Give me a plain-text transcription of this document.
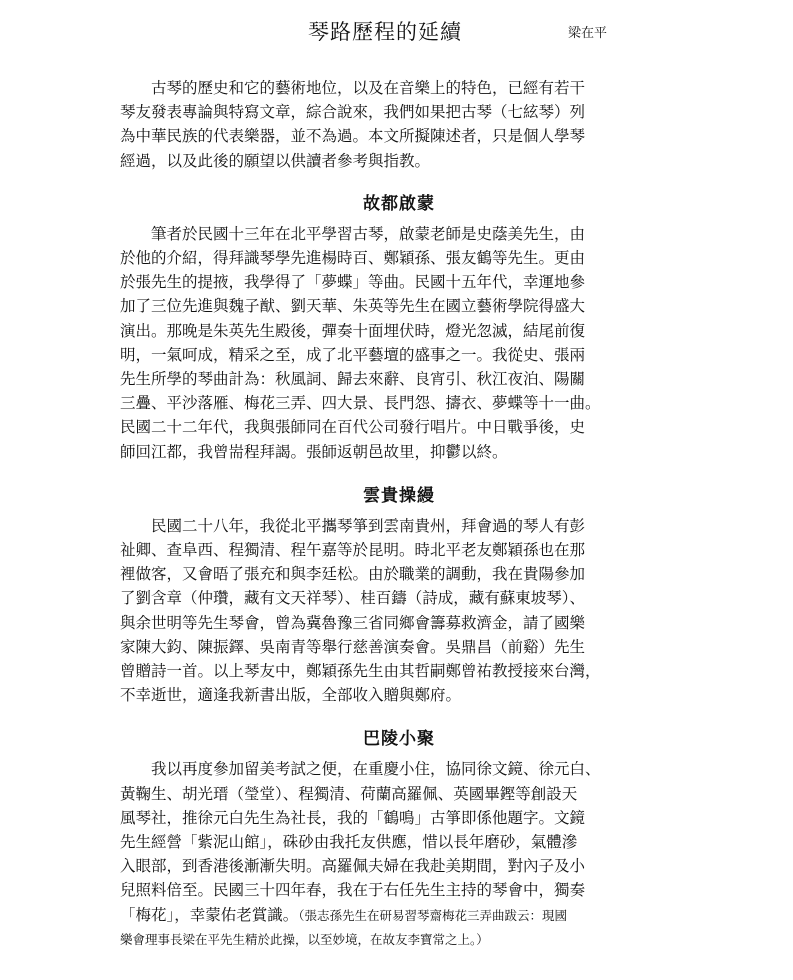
琴路歷程的延續	梁在平

　　古琴的歷史和它的藝術地位，以及在音樂上的特色，已經有若干
琴友發表專論與特寫文章，綜合說來，我們如果把古琴（七絃琴）列
為中華民族的代表樂器，並不為過。本文所擬陳述者，只是個人學琴
經過，以及此後的願望以供讀者參考與指教。

故都啟蒙

　　筆者於民國十三年在北平學習古琴，啟蒙老師是史蔭美先生，由
於他的介紹，得拜識琴學先進楊時百、鄭穎孫、張友鶴等先生。更由
於張先生的提掖，我學得了「夢蝶」等曲。民國十五年代，幸運地參
加了三位先進與魏子猷、劉天華、朱英等先生在國立藝術學院得盛大
演出。那晚是朱英先生殿後，彈奏十面埋伏時，燈光忽滅，結尾前復
明，一氣呵成，精采之至，成了北平藝壇的盛事之一。我從史、張兩
先生所學的琴曲計為：秋風詞、歸去來辭、良宵引、秋江夜泊、陽關
三疊、平沙落雁、梅花三弄、四大景、長門怨、擣衣、夢蝶等十一曲。
民國二十二年代，我與張師同在百代公司發行唱片。中日戰爭後，史
師回江都，我曾耑程拜謁。張師返朝邑故里，抑鬱以終。

雲貴操縵

　　民國二十八年，我從北平攜琴箏到雲南貴州，拜會過的琴人有彭
祉卿、查阜西、程獨清、程午嘉等於昆明。時北平老友鄭穎孫也在那
裡做客，又會晤了張充和與李廷松。由於職業的調動，我在貴陽參加
了劉含章（仲瓚，藏有文天祥琴）、桂百鑄（詩成，藏有蘇東坡琴）、
與余世明等先生琴會，曾為冀魯豫三省同鄉會籌募救濟金，請了國樂
家陳大鈞、陳振鐸、吳南青等舉行慈善演奏會。吳鼎昌（前谿）先生
曾贈詩一首。以上琴友中，鄭穎孫先生由其哲嗣鄭曾祐教授接來台灣，
不幸逝世，適逢我新書出版，全部收入贈與鄭府。

巴陵小聚

　　我以再度參加留美考試之便，在重慶小住，協同徐文鏡、徐元白、
黃鞠生、胡光瑨（瑩堂）、程獨清、荷蘭高羅佩、英國畢鏗等創設天
風琴社，推徐元白先生為社長，我的「鶴鳴」古箏即係他題字。文鏡
先生經營「紫泥山館」，硃砂由我托友供應，惜以長年磨砂，氣體滲
入眼部，到香港後漸漸失明。高羅佩夫婦在我赴美期間，對內子及小
兒照料倍至。民國三十四年春，我在于右任先生主持的琴會中，獨奏
「梅花」，幸蒙佑老賞識。（張志孫先生在研易習琴齋梅花三弄曲跋云：現國
樂會理事長梁在平先生精於此操，以至妙境，在故友李寶常之上。）
